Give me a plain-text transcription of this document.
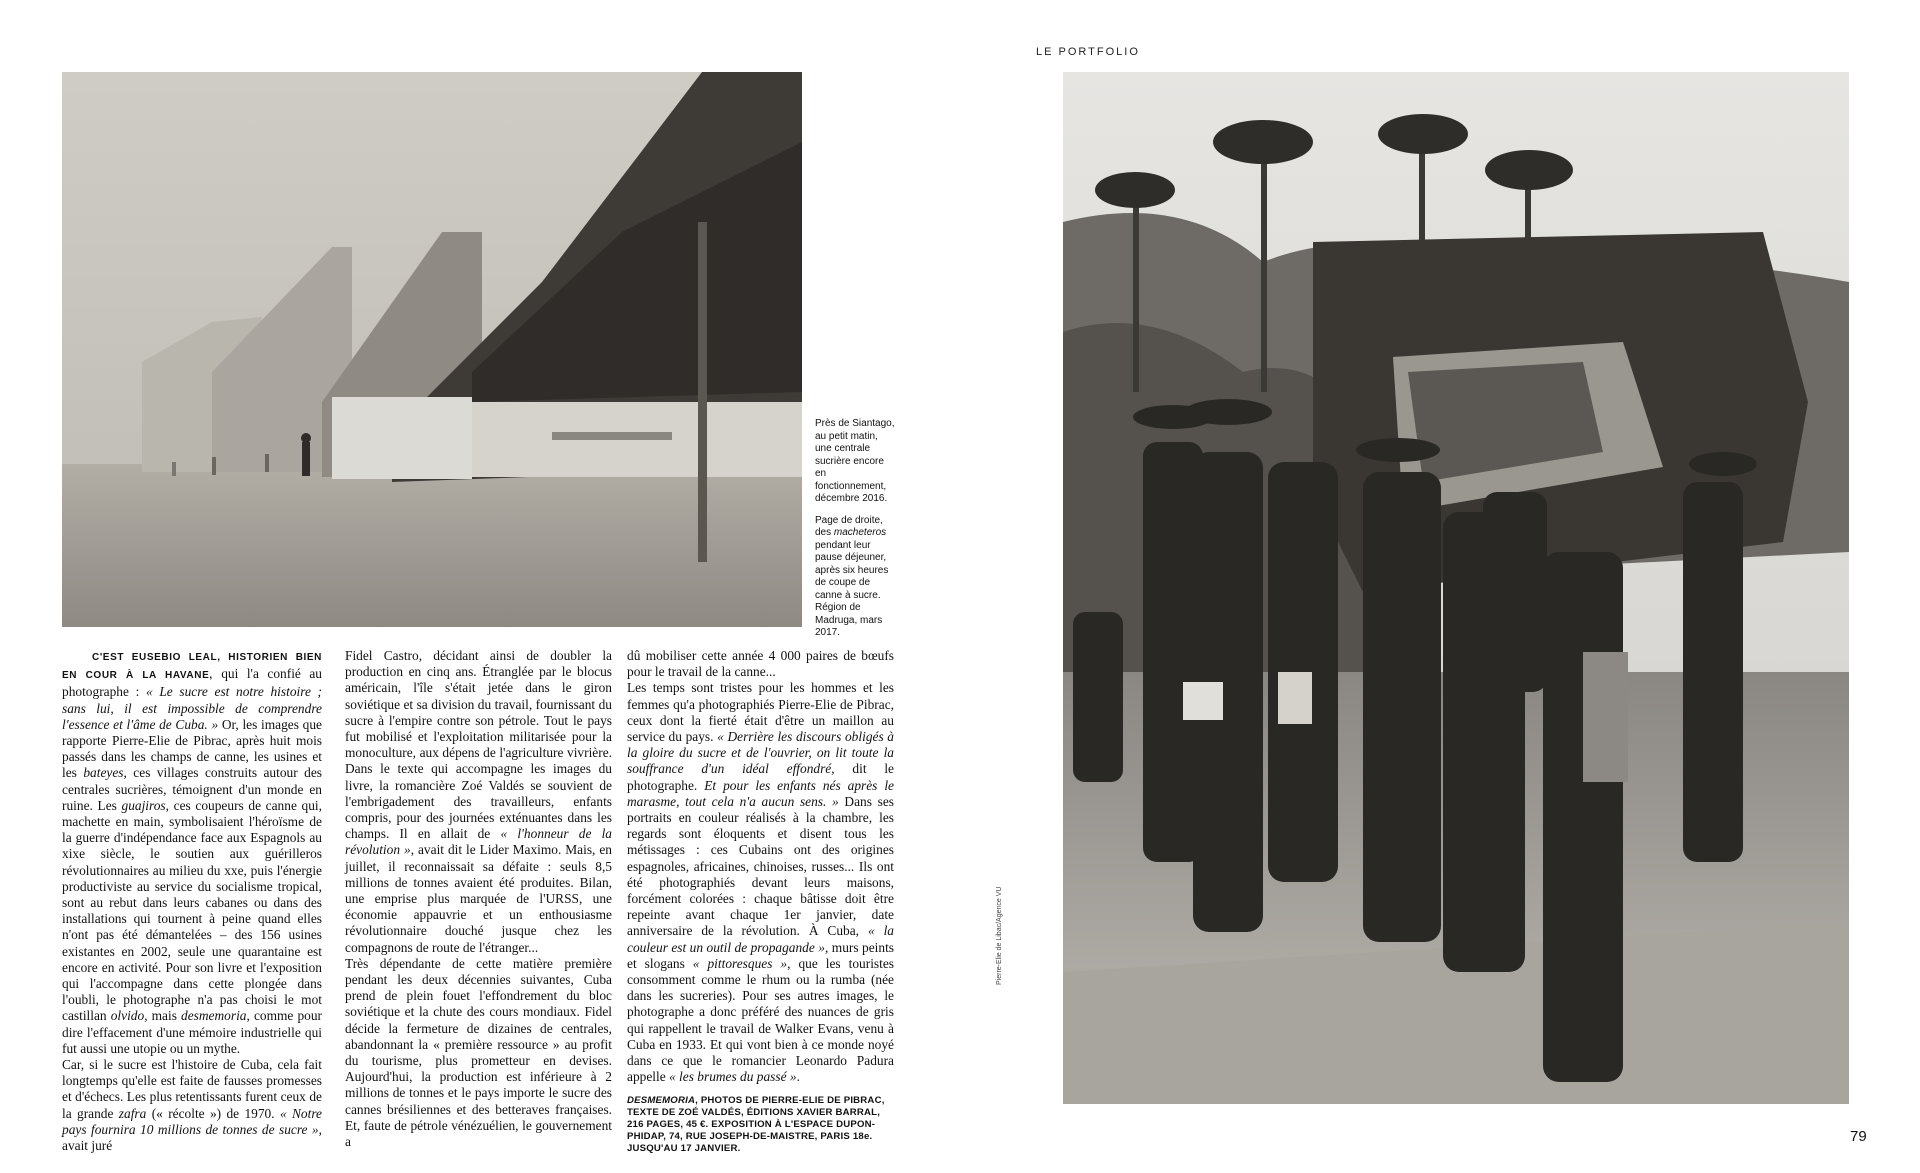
LE PORTFOLIO

Près de Siantago, au petit matin, une centrale sucrière encore en fonctionnement, décembre 2016.

Page de droite, des macheteros pendant leur pause déjeuner, après six heures de coupe de canne à sucre. Région de Madruga, mars 2017.

Pierre-Elie de Libac/Agence VU

C'EST EUSEBIO LEAL, HISTORIEN BIEN EN COUR À LA HAVANE, qui l'a confié au photographe : « Le sucre est notre histoire ; sans lui, il est impossible de comprendre l'essence et l'âme de Cuba. » Or, les images que rapporte Pierre-Elie de Pibrac, après huit mois passés dans les champs de canne, les usines et les bateyes, ces villages construits autour des centrales sucrières, témoignent d'un monde en ruine. Les guajiros, ces coupeurs de canne qui, machette en main, symbolisaient l'héroïsme de la guerre d'indépendance face aux Espagnols au xixe siècle, le soutien aux guérilleros révolutionnaires au milieu du xxe, puis l'énergie productiviste au service du socialisme tropical, sont au rebut dans leurs cabanes ou dans des installations qui tournent à peine quand elles n'ont pas été démantelées – des 156 usines existantes en 2002, seule une quarantaine est encore en activité. Pour son livre et l'exposition qui l'accompagne dans cette plongée dans l'oubli, le photographe n'a pas choisi le mot castillan olvido, mais desmemoria, comme pour dire l'effacement d'une mémoire industrielle qui fut aussi une utopie ou un mythe.

Car, si le sucre est l'histoire de Cuba, cela fait longtemps qu'elle est faite de fausses promesses et d'échecs. Les plus retentissants furent ceux de la grande zafra (« récolte ») de 1970. « Notre pays fournira 10 millions de tonnes de sucre », avait juré

Fidel Castro, décidant ainsi de doubler la production en cinq ans. Étranglée par le blocus américain, l'île s'était jetée dans le giron soviétique et sa division du travail, fournissant du sucre à l'empire contre son pétrole. Tout le pays fut mobilisé et l'exploitation militarisée pour la monoculture, aux dépens de l'agriculture vivrière. Dans le texte qui accompagne les images du livre, la romancière Zoé Valdés se souvient de l'embrigadement des travailleurs, enfants compris, pour des journées exténuantes dans les champs. Il en allait de « l'honneur de la révolution », avait dit le Lider Maximo. Mais, en juillet, il reconnaissait sa défaite : seuls 8,5 millions de tonnes avaient été produites. Bilan, une emprise plus marquée de l'URSS, une économie appauvrie et un enthousiasme révolutionnaire douché jusque chez les compagnons de route de l'étranger...

Très dépendante de cette matière première pendant les deux décennies suivantes, Cuba prend de plein fouet l'effondrement du bloc soviétique et la chute des cours mondiaux. Fidel décide la fermeture de dizaines de centrales, abandonnant la « première ressource » au profit du tourisme, plus prometteur en devises. Aujourd'hui, la production est inférieure à 2 millions de tonnes et le pays importe le sucre des cannes brésiliennes et des betteraves françaises. Et, faute de pétrole vénézuélien, le gouvernement a

dû mobiliser cette année 4 000 paires de bœufs pour le travail de la canne...

Les temps sont tristes pour les hommes et les femmes qu'a photographiés Pierre-Elie de Pibrac, ceux dont la fierté était d'être un maillon au service du pays. « Derrière les discours obligés à la gloire du sucre et de l'ouvrier, on lit toute la souffrance d'un idéal effondré, dit le photographe. Et pour les enfants nés après le marasme, tout cela n'a aucun sens. » Dans ses portraits en couleur réalisés à la chambre, les regards sont éloquents et disent tous les métissages : ces Cubains ont des origines espagnoles, africaines, chinoises, russes... Ils ont été photographiés devant leurs maisons, forcément colorées : chaque bâtisse doit être repeinte avant chaque 1er janvier, date anniversaire de la révolution. À Cuba, « la couleur est un outil de propagande », murs peints et slogans « pittoresques », que les touristes consomment comme le rhum ou la rumba (née dans les sucreries). Pour ses autres images, le photographe a donc préféré des nuances de gris qui rappellent le travail de Walker Evans, venu à Cuba en 1933. Et qui vont bien à ce monde noyé dans ce que le romancier Leonardo Padura appelle « les brumes du passé ».

DESMEMORIA, PHOTOS DE PIERRE-ELIE DE PIBRAC, TEXTE DE ZOÉ VALDÉS, ÉDITIONS XAVIER BARRAL, 216 PAGES, 45 €. EXPOSITION À L'ESPACE DUPON-PHIDAP, 74, RUE JOSEPH-DE-MAISTRE, PARIS 18e. JUSQU'AU 17 JANVIER.

79
